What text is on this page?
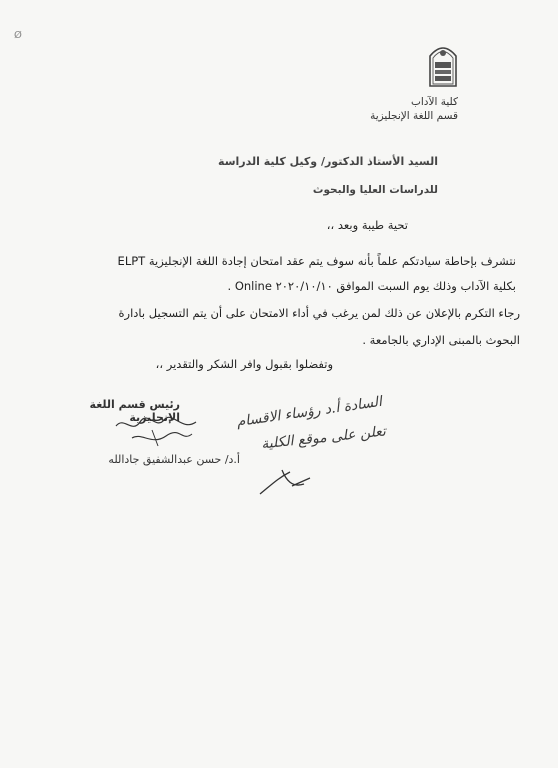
Ø
كلية الآداب
قسم اللغة الإنجليزية
السيد الأستاذ الدكتور/ وكيل كلية الدراسة
للدراسات العليا والبحوث
تحية طيبة وبعد ،،
نتشرف بإحاطة سيادتكم علماً بأنه سوف يتم عقد امتحان إجادة اللغة الإنجليزية ELPT
بكلية الآداب وذلك يوم السبت الموافق ٢٠٢٠/١٠/١٠ Online .
رجاء التكرم بالإعلان عن ذلك لمن يرغب في أداء الامتحان على أن يتم التسجيل بادارة
البحوث بالمبنى الإداري بالجامعة .
وتفضلوا بقبول وافر الشكر والتقدير ،،
رئيس قسم اللغة الإنجليزية
أ.د/ حسن عبدالشفيق جادالله
السادة أ.د رؤساء الاقسام
تعلن على موقع الكلية
